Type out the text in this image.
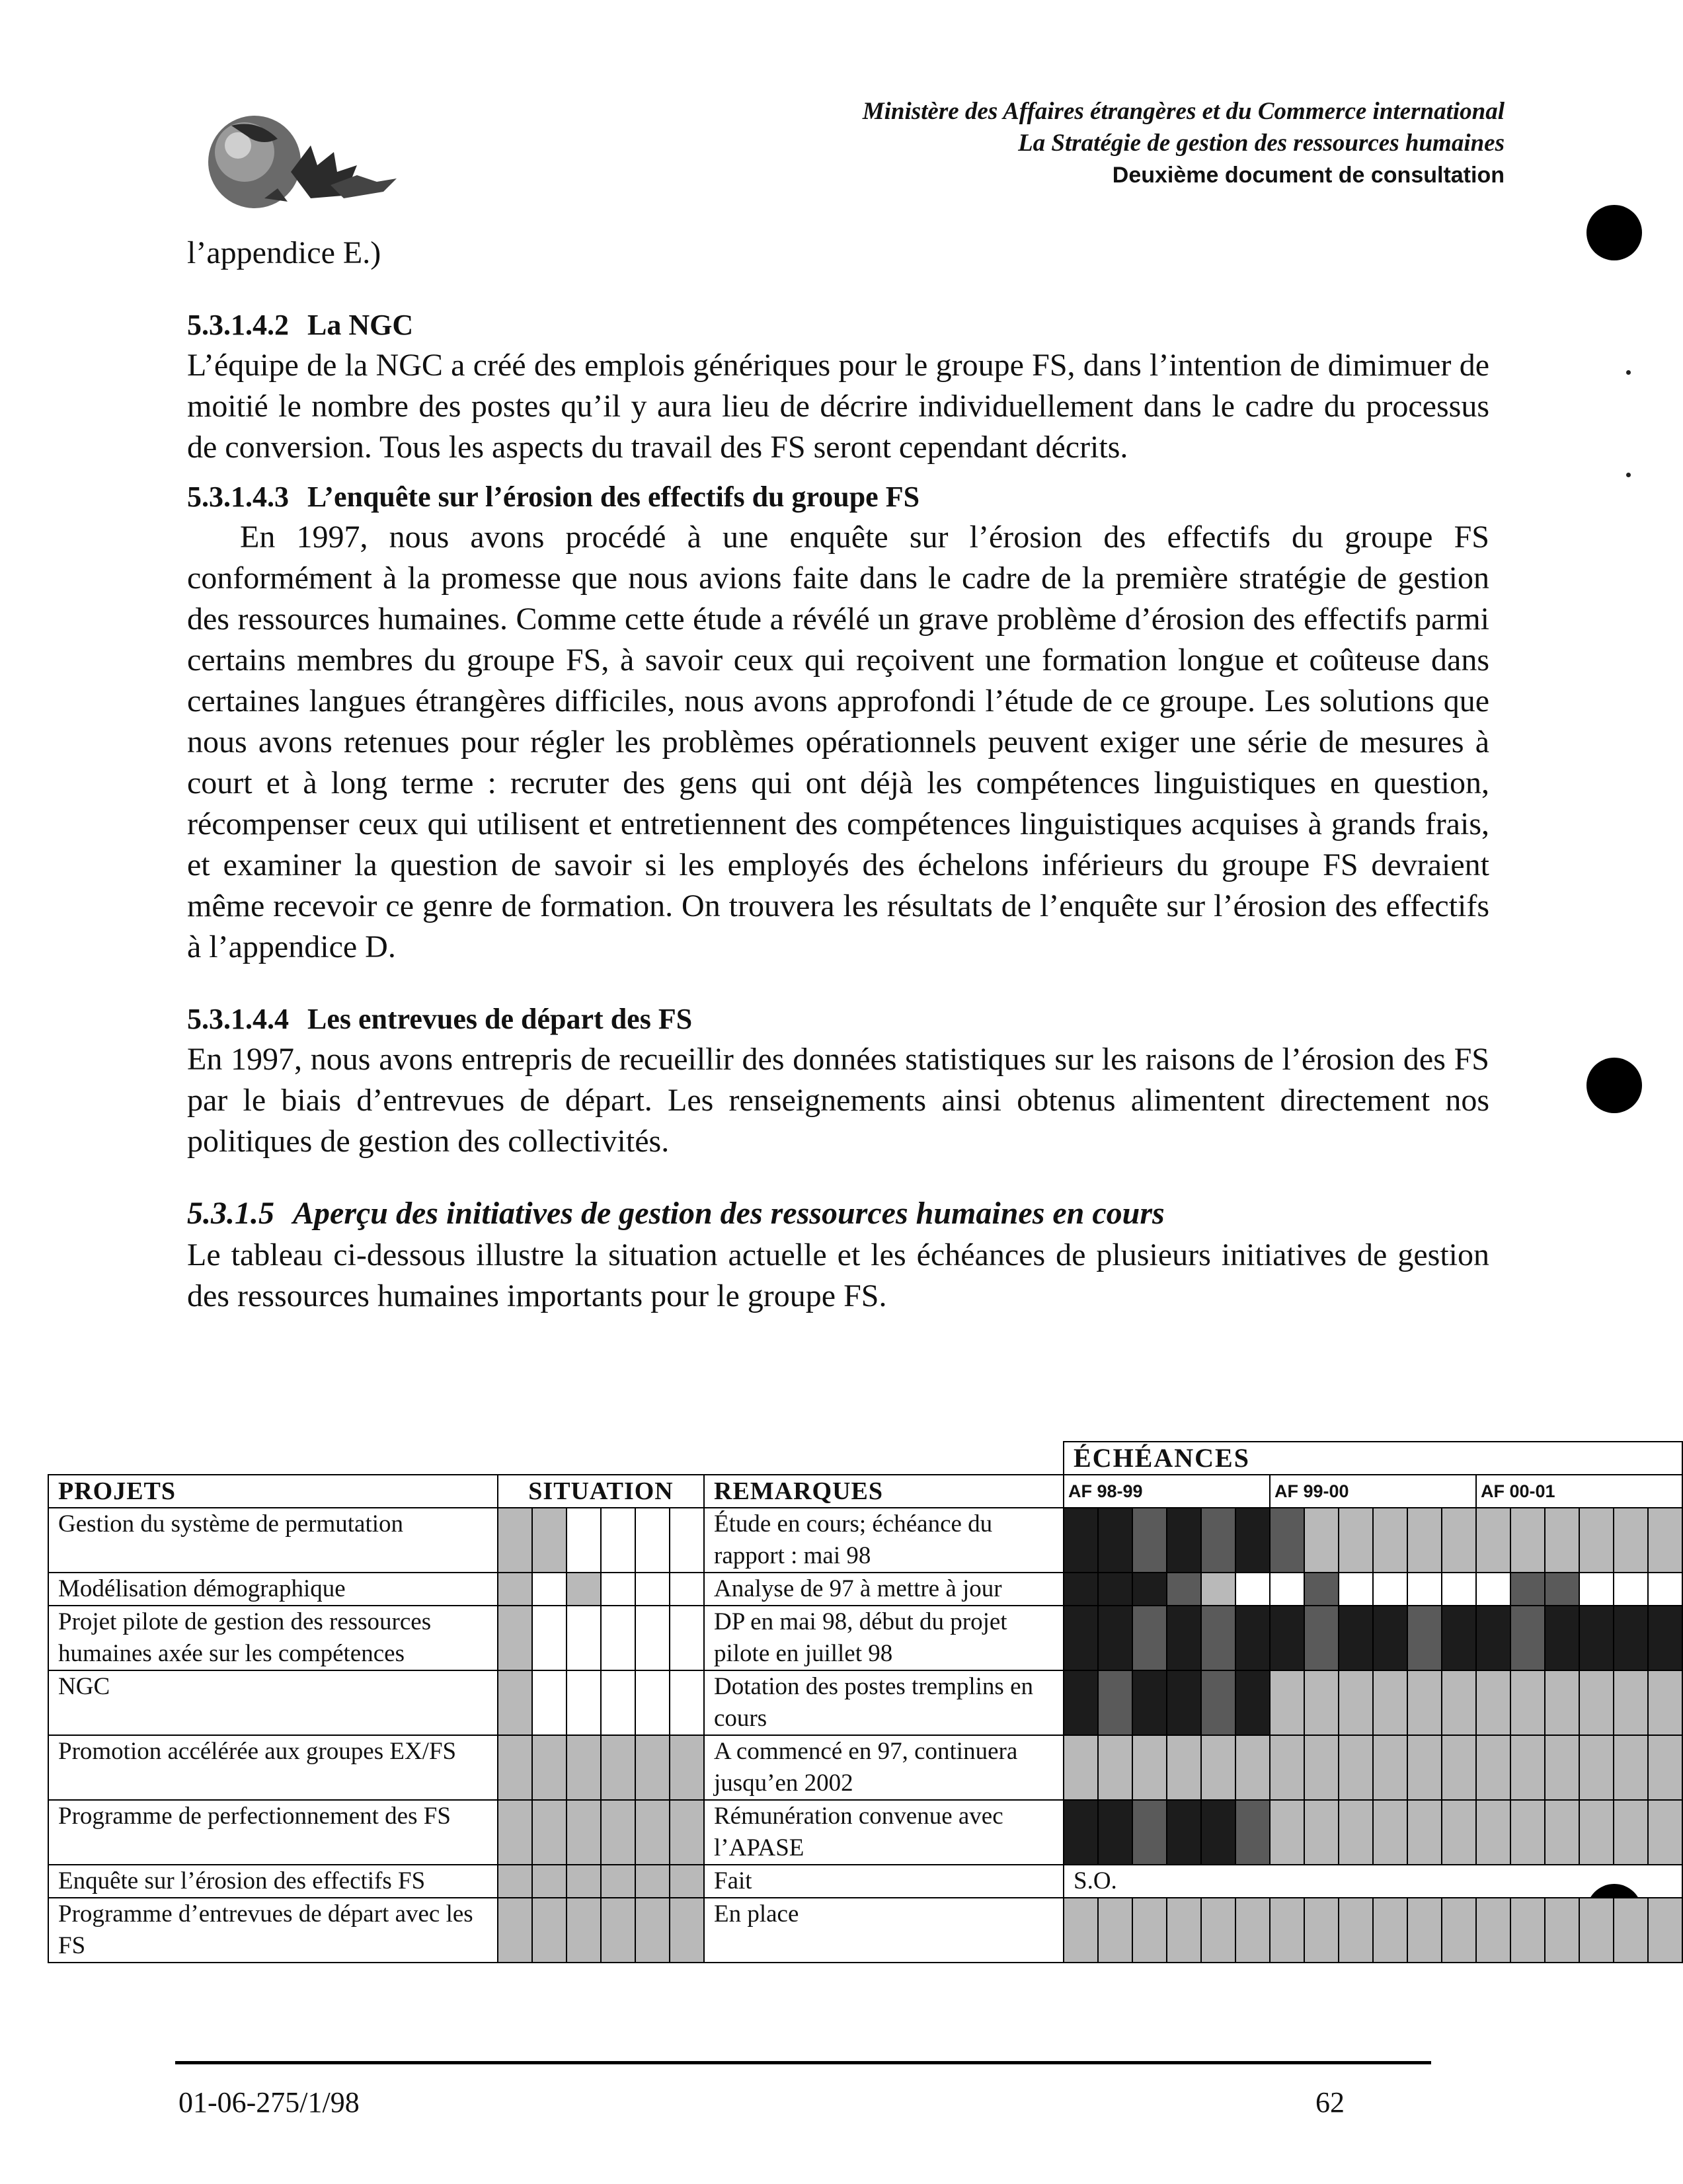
Ministère des Affaires étrangères et du Commerce international
La Stratégie de gestion des ressources humaines
Deuxième document de consultation

l’appendice E.)

5.3.1.4.2 La NGC

L’équipe de la NGC a créé des emplois génériques pour le groupe FS, dans l’intention de dimimuer de moitié le nombre des postes qu’il y aura lieu de décrire individuellement dans le cadre du processus de conversion. Tous les aspects du travail des FS seront cependant décrits.

5.3.1.4.3 L’enquête sur l’érosion des effectifs du groupe FS

En 1997, nous avons procédé à une enquête sur l’érosion des effectifs du groupe FS conformément à la promesse que nous avions faite dans le cadre de la première stratégie de gestion des ressources humaines. Comme cette étude a révélé un grave problème d’érosion des effectifs parmi certains membres du groupe FS, à savoir ceux qui reçoivent une formation longue et coûteuse dans certaines langues étrangères difficiles, nous avons approfondi l’étude de ce groupe. Les solutions que nous avons retenues pour régler les problèmes opérationnels peuvent exiger une série de mesures à court et à long terme : recruter des gens qui ont déjà les compétences linguistiques en question, récompenser ceux qui utilisent et entretiennent des compétences linguistiques acquises à grands frais, et examiner la question de savoir si les employés des échelons inférieurs du groupe FS devraient même recevoir ce genre de formation. On trouvera les résultats de l’enquête sur l’érosion des effectifs à l’appendice D.

5.3.1.4.4 Les entrevues de départ des FS

En 1997, nous avons entrepris de recueillir des données statistiques sur les raisons de l’érosion des FS par le biais d’entrevues de départ. Les renseignements ainsi obtenus alimentent directement nos politiques de gestion des collectivités.

5.3.1.5 Aperçu des initiatives de gestion des ressources humaines en cours

Le tableau ci-dessous illustre la situation actuelle et les échéances de plusieurs initiatives de gestion des ressources humaines importants pour le groupe FS.

								ÉCHÉANCES																	
PROJETS	SITUATION						REMARQUES	AF 98-99						AF 99-00						AF 00-01					
Gestion du système de permutation							Étude en cours; échéance du rapport : mai 98																		
Modélisation démographique							Analyse de 97 à mettre à jour																		
Projet pilote de gestion des ressources humaines axée sur les compétences							DP en mai 98, début du projet pilote en juillet 98																		
NGC							Dotation des postes tremplins en cours																		
Promotion accélérée aux groupes EX/FS							A commencé en 97, continuera jusqu’en 2002																		
Programme de perfectionnement des FS							Rémunération convenue avec l’APASE																		
Enquête sur l’érosion des effectifs FS							Fait	S.O.																	
Programme d’entrevues de départ avec les FS							En place																		
01-06-275/1/98	62
